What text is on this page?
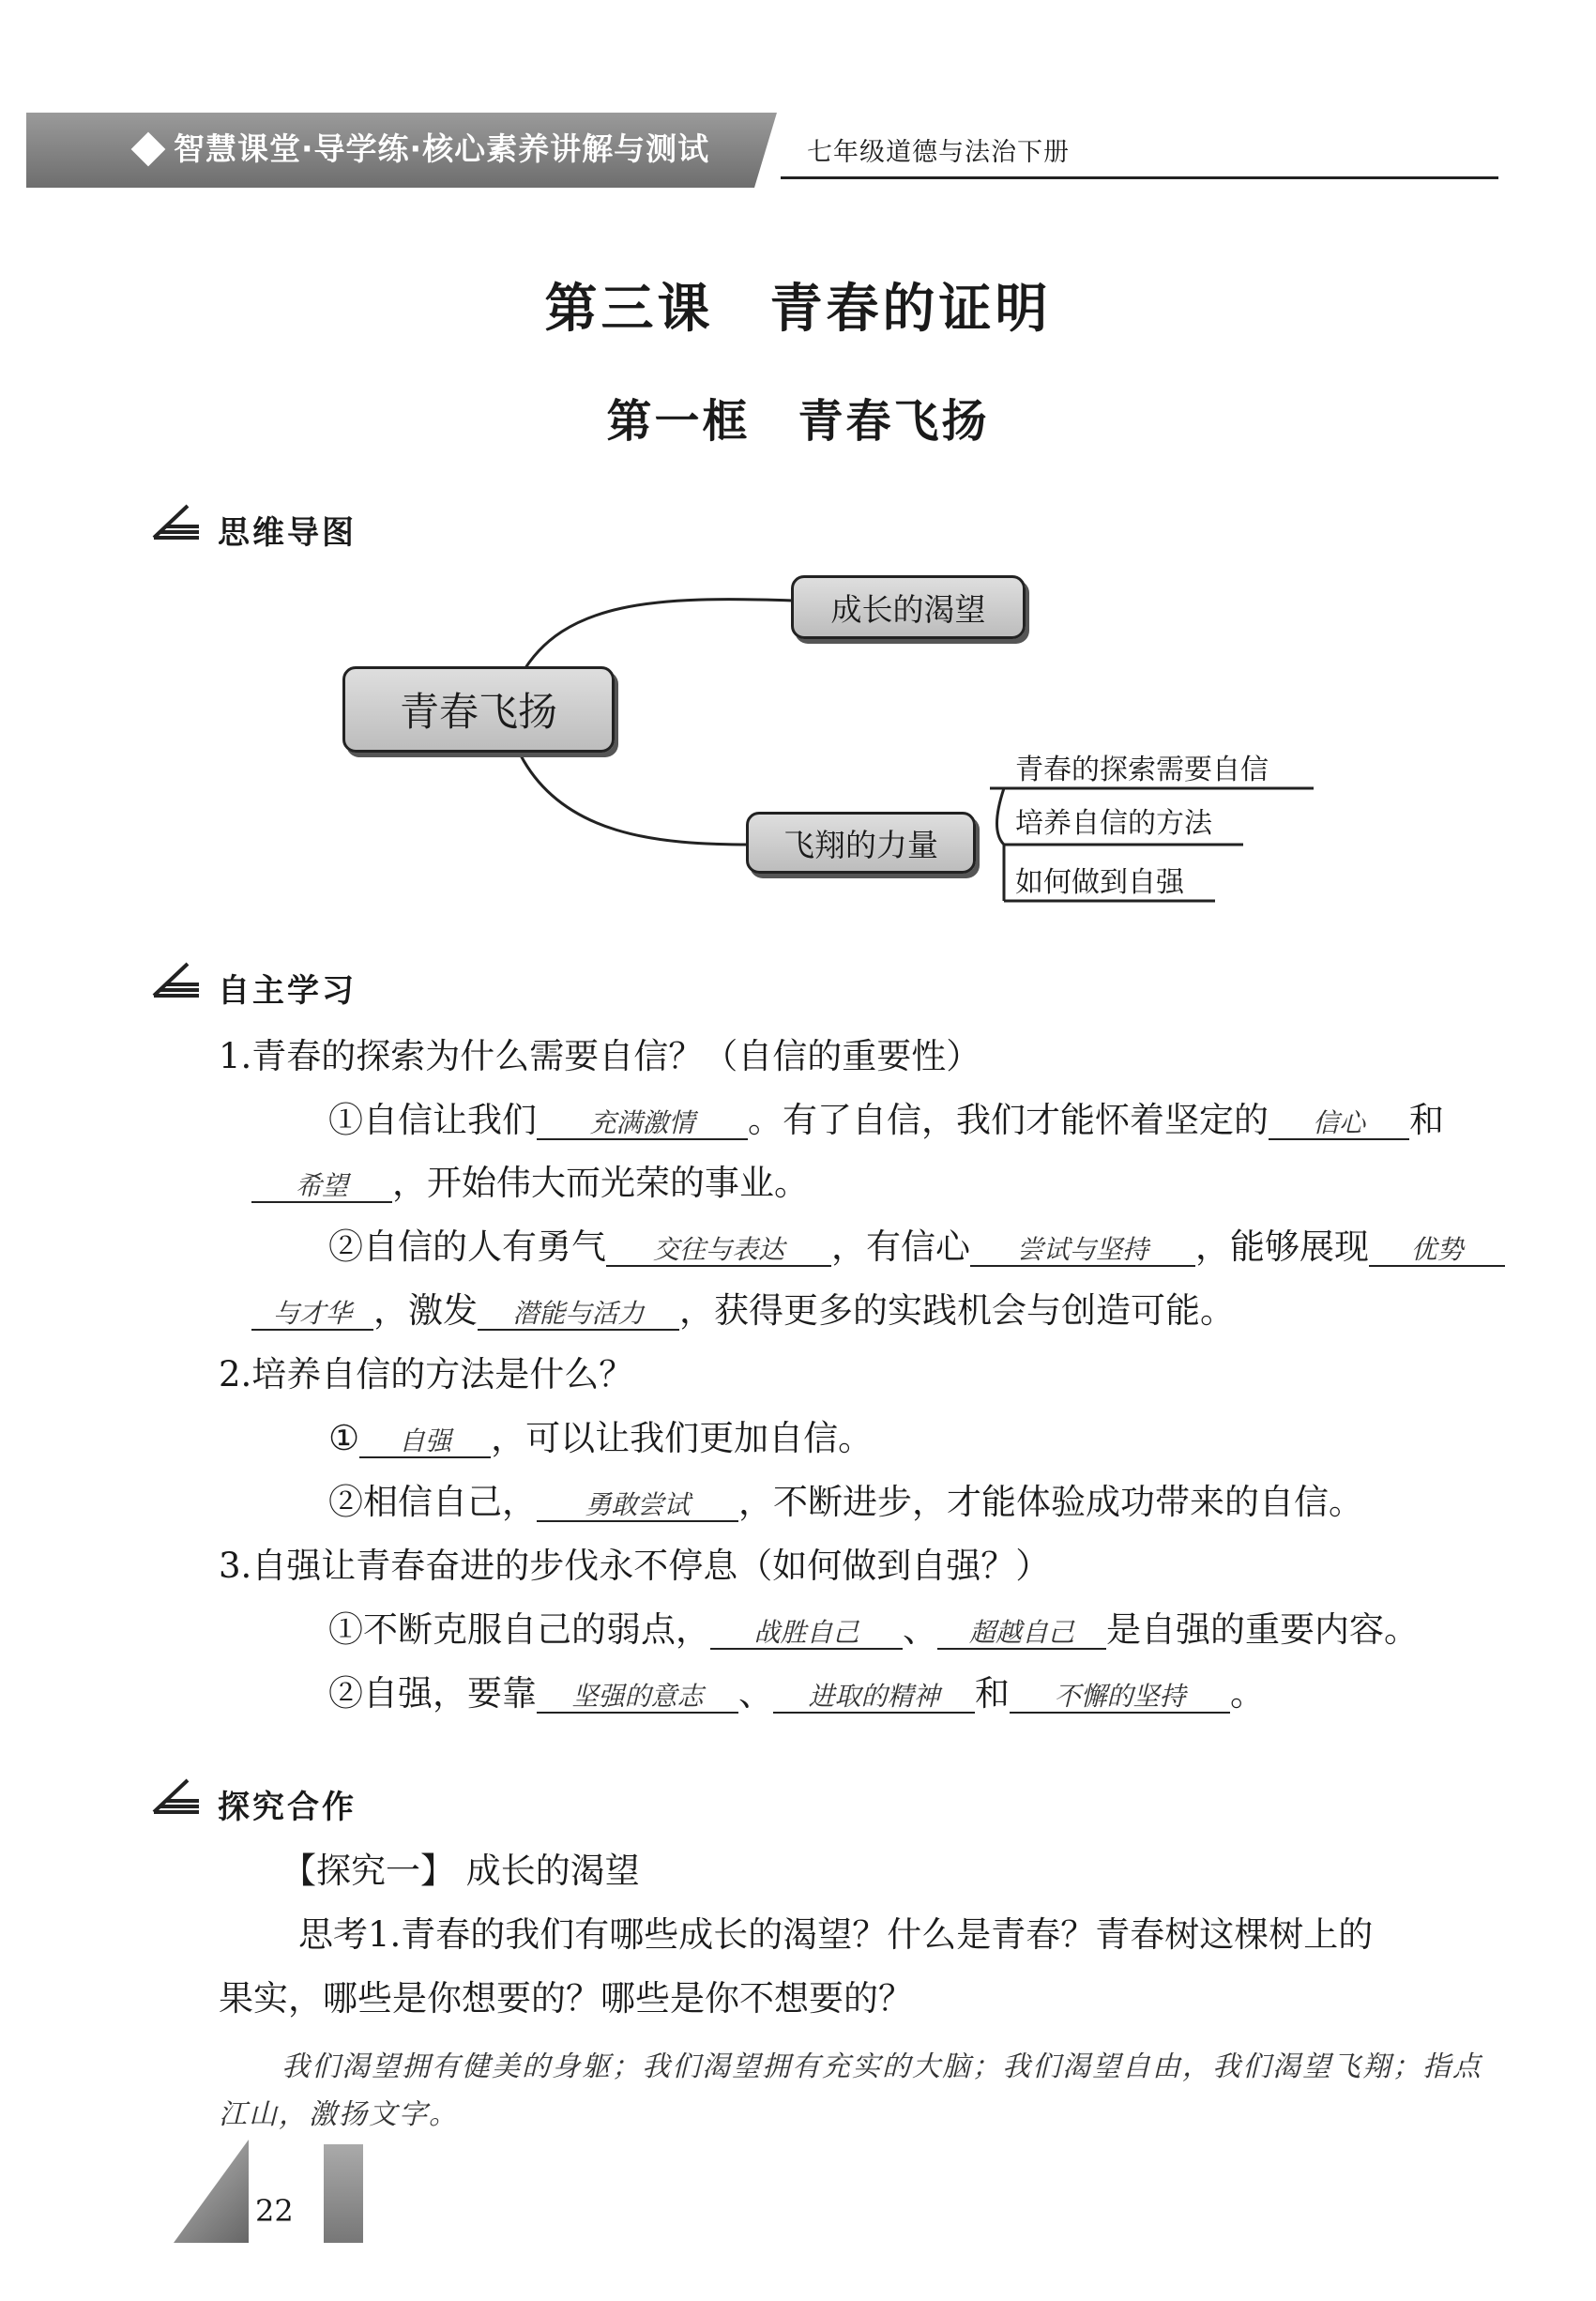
智慧课堂·导学练·核心素养讲解与测试	七年级道德与法治下册
第三课　青春的证明
第一框　青春飞扬
思维导图
青春飞扬
成长的渴望
飞翔的力量
青春的探索需要自信
培养自信的方法
如何做到自强
自主学习
1.青春的探索为什么需要自信？（自信的重要性）
①自信让我们 充满激情 。有了自信，我们才能怀着坚定的 信心 和
希望 ，开始伟大而光荣的事业。
②自信的人有勇气 交往与表达 ，有信心 尝试与坚持 ，能够展现 优势
与才华 ，激发 潜能与活力 ，获得更多的实践机会与创造可能。
2.培养自信的方法是什么？
① 自强 ，可以让我们更加自信。
②相信自己， 勇敢尝试 ，不断进步，才能体验成功带来的自信。
3.自强让青春奋进的步伐永不停息（如何做到自强？）
①不断克服自己的弱点， 战胜自己 、 超越自己 是自强的重要内容。
②自强，要靠 坚强的意志 、 进取的精神 和 不懈的坚持 。
探究合作
【探究一】 成长的渴望
思考1.青春的我们有哪些成长的渴望？什么是青春？青春树这棵树上的
果实，哪些是你想要的？哪些是你不想要的？
我们渴望拥有健美的身躯；我们渴望拥有充实的大脑；我们渴望自由，我们渴望飞翔；指点
江山，激扬文字。
22
